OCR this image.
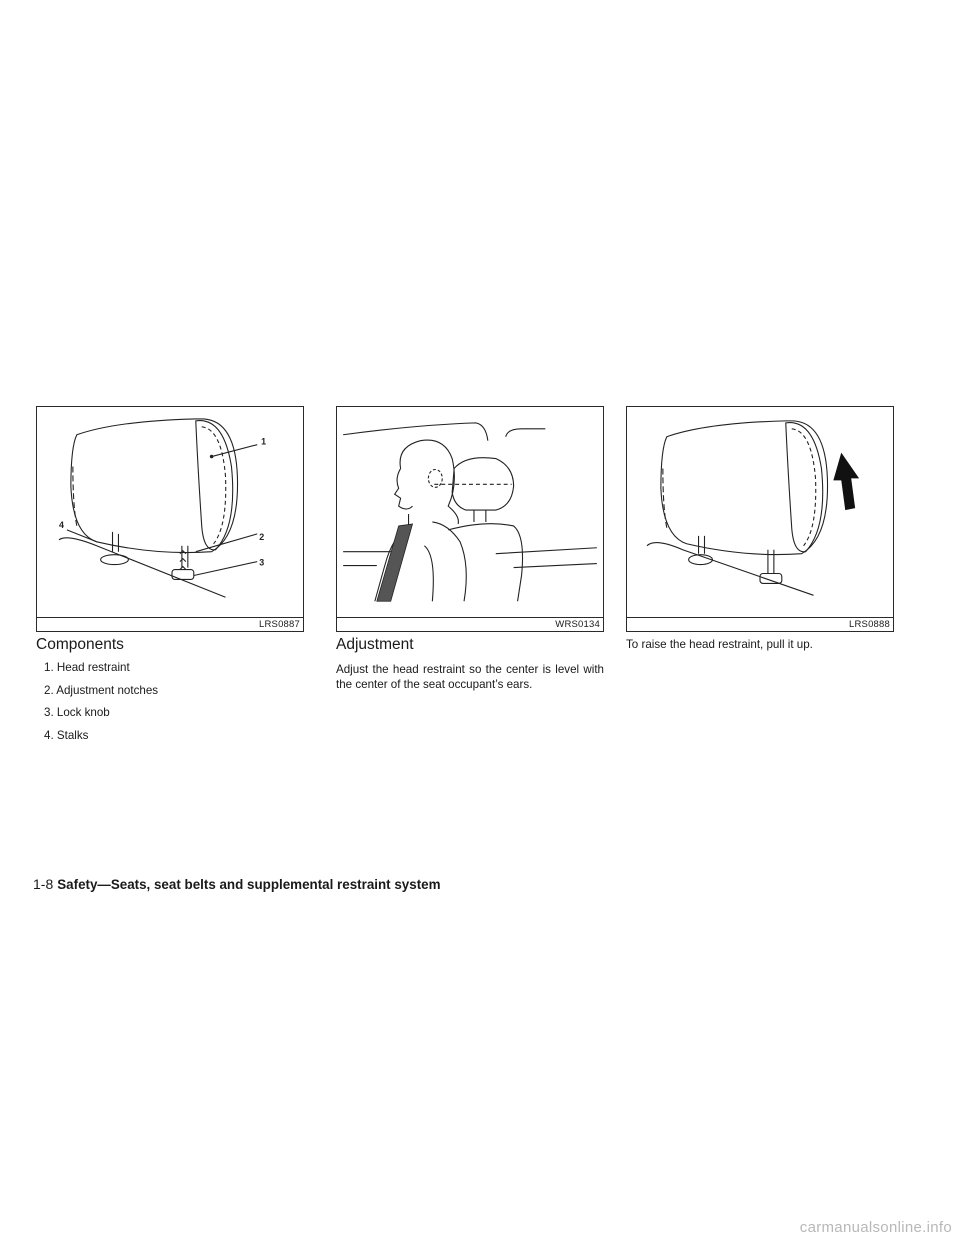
1
2
3
4
LRS0887	WRS0134	LRS0888
Components
1. Head restraint
2. Adjustment notches
3. Lock knob
4. Stalks
Adjustment

Adjust the head restraint so the center is level with the center of the seat occupant’s ears.

To raise the head restraint, pull it up.

1-8 Safety—Seats, seat belts and supplemental restraint system
carmanualsonline.info
